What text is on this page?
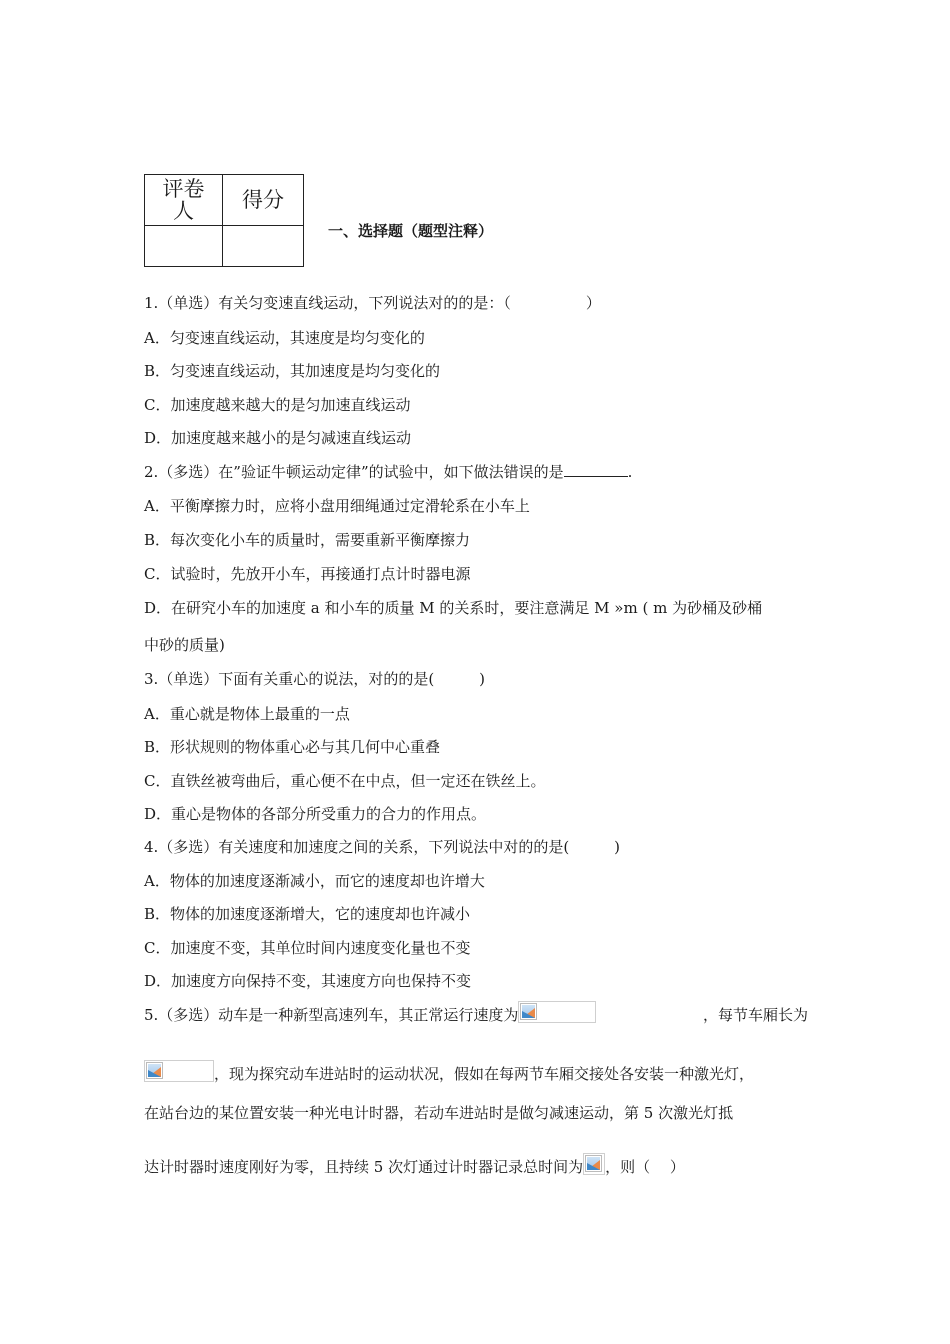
评卷人	得分

一、选择题（题型注释）
1.（单选）有关匀变速直线运动，下列说法对的的是：（　　　　　）
A．匀变速直线运动，其速度是均匀变化的
B．匀变速直线运动，其加速度是均匀变化的
C．加速度越来越大的是匀加速直线运动
D．加速度越来越小的是匀减速直线运动
2.（多选）在”验证牛顿运动定律”的试验中，如下做法错误的是	.
A．平衡摩擦力时，应将小盘用细绳通过定滑轮系在小车上
B．每次变化小车的质量时，需要重新平衡摩擦力
C．试验时，先放开小车，再接通打点计时器电源
D．在研究小车的加速度 a 和小车的质量 M 的关系时，要注意满足 M »m ( m 为砂桶及砂桶
中砂的质量)
3.（单选）下面有关重心的说法，对的的是(　　　)
A．重心就是物体上最重的一点
B．形状规则的物体重心必与其几何中心重叠
C．直铁丝被弯曲后，重心便不在中点，但一定还在铁丝上。
D．重心是物体的各部分所受重力的合力的作用点。
4.（多选）有关速度和加速度之间的关系，下列说法中对的的是(　　　)
A．物体的加速度逐渐减小，而它的速度却也许增大
B．物体的加速度逐渐增大，它的速度却也许减小
C．加速度不变，其单位时间内速度变化量也不变
D．加速度方向保持不变，其速度方向也保持不变
5.（多选）动车是一种新型高速列车，其正常运行速度为	，每节车厢长为
，现为探究动车进站时的运动状况，假如在每两节车厢交接处各安装一种激光灯，
在站台边的某位置安装一种光电计时器，若动车进站时是做匀减速运动，第 5 次激光灯抵
达计时器时速度刚好为零，且持续 5 次灯通过计时器记录总时间为 ，则（　 ）
